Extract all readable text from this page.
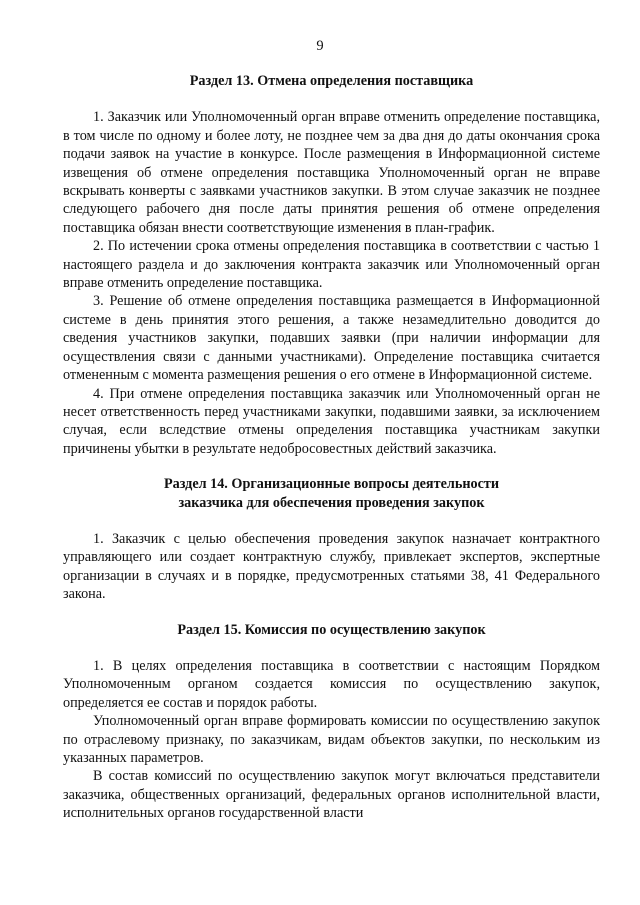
9

Раздел 13. Отмена определения поставщика

1. Заказчик или Уполномоченный орган вправе отменить определение поставщика, в том числе по одному и более лоту, не позднее чем за два дня до даты окончания срока подачи заявок на участие в конкурсе. После размещения в Информационной системе извещения об отмене определения поставщика Уполномоченный орган не вправе вскрывать конверты с заявками участников закупки. В этом случае заказчик не позднее следующего рабочего дня после даты принятия решения об отмене определения поставщика обязан внести соответствующие изменения в план-график.

2. По истечении срока отмены определения поставщика в соответствии с частью 1 настоящего раздела и до заключения контракта заказчик или Уполномоченный орган вправе отменить определение поставщика.

3. Решение об отмене определения поставщика размещается в Информационной системе в день принятия этого решения, а также незамедлительно доводится до сведения участников закупки, подавших заявки (при наличии информации для осуществления связи с данными участниками). Определение поставщика считается отмененным с момента размещения решения о его отмене в Информационной системе.

4. При отмене определения поставщика заказчик или Уполномоченный орган не несет ответственность перед участниками закупки, подавшими заявки, за исключением случая, если вследствие отмены определения поставщика участникам закупки причинены убытки в результате недобросовестных действий заказчика.

Раздел 14. Организационные вопросы деятельности
заказчика для обеспечения проведения закупок

1. Заказчик с целью обеспечения проведения закупок назначает контрактного управляющего или создает контрактную службу, привлекает экспертов, экспертные организации в случаях и в порядке, предусмотренных статьями 38, 41 Федерального закона.

Раздел 15. Комиссия по осуществлению закупок

1. В целях определения поставщика в соответствии с настоящим Порядком Уполномоченным органом создается комиссия по осуществлению закупок, определяется ее состав и порядок работы.

Уполномоченный орган вправе формировать комиссии по осуществлению закупок по отраслевому признаку, по заказчикам, видам объектов закупки, по нескольким из указанных параметров.

В состав комиссий по осуществлению закупок могут включаться представители заказчика, общественных организаций, федеральных органов исполнительной власти, исполнительных органов государственной власти
